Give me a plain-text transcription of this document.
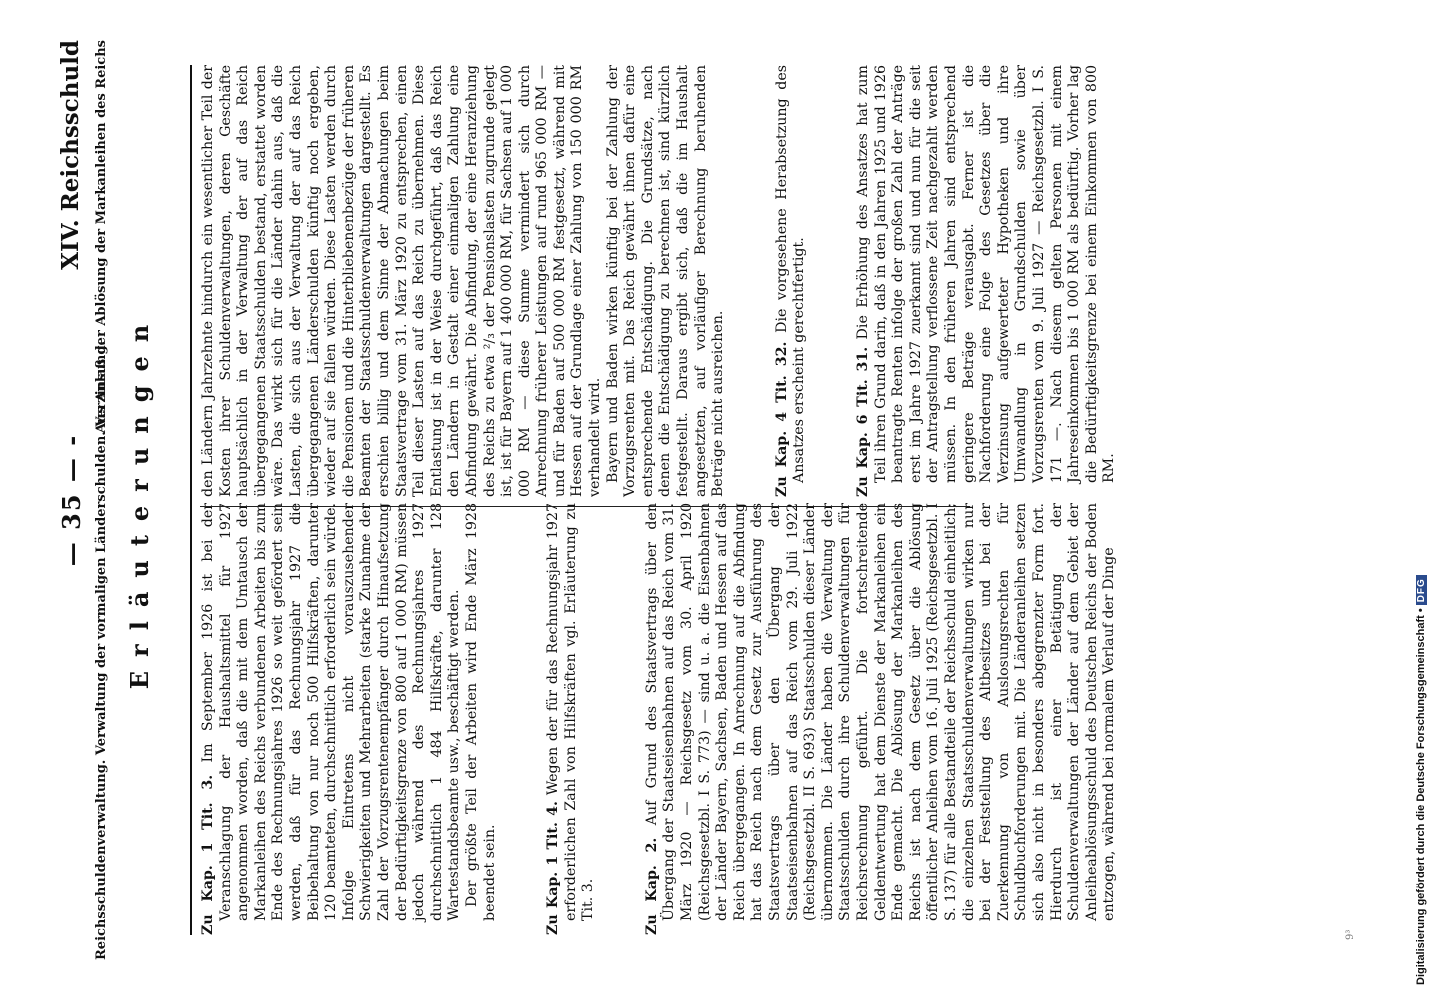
— 35 — -
XIV. Reichsschuld
Reichsschuldenverwaltung. Verwaltung der vormaligen Länderschulden. Verzinsung.
Aus Anlaß der Ablösung der Markanleihen des Reichs
Erläuterungen

Zu Kap. 1 Tit. 3. Im September 1926 ist bei der Veranschlagung der Haushaltsmittel für 1927 angenommen worden, daß die mit dem Umtausch der Markanleihen des Reichs verbundenen Arbeiten bis zum Ende des Rechnungsjahres 1926 so weit gefördert sein werden, daß für das Rechnungsjahr 1927 die Beibehaltung von nur noch 500 Hilfskräften, darunter 120 beamteten, durchschnittlich erforderlich sein würde. Infolge Eintretens nicht vorauszusehender Schwierigkeiten und Mehrarbeiten (starke Zunahme der Zahl der Vorzugsrentenempfänger durch Hinaufsetzung der Bedürftigkeitsgrenze von 800 auf 1 000 RM) müssen jedoch während des Rechnungsjahres 1927 durchschnittlich 1 484 Hilfskräfte, darunter 128 Wartestandsbeamte usw., beschäftigt werden. Der größte Teil der Arbeiten wird Ende März 1928 beendet sein.	Zu Kap. 1 Tit. 4. Wegen der für das Rechnungsjahr 1927 erforderlichen Zahl von Hilfskräften vgl. Erläuterung zu Tit. 3.	Zu Kap. 2. Auf Grund des Staatsvertrags über den Übergang der Staatseisenbahnen auf das Reich vom 31. März 1920 — Reichsgesetz vom 30. April 1920 (Reichsgesetzbl. I S. 773) — sind u. a. die Eisenbahnen der Länder Bayern, Sachsen, Baden und Hessen auf das Reich übergegangen. In Anrechnung auf die Abfindung hat das Reich nach dem Gesetz zur Ausführung des Staatsvertrags über den Übergang der Staatseisenbahnen auf das Reich vom 29. Juli 1922 (Reichsgesetzbl. II S. 693) Staatsschulden dieser Länder übernommen. Die Länder haben die Verwaltung der Staatsschulden durch ihre Schuldenverwaltungen für Reichsrechnung geführt. Die fortschreitende Geldentwertung hat dem Dienste der Markanleihen ein Ende gemacht. Die Ablösung der Markanleihen des Reichs ist nach dem Gesetz über die Ablösung öffentlicher Anleihen vom 16. Juli 1925 (Reichsgesetzbl. I S. 137) für alle Bestandteile der Reichsschuld einheitlich; die einzelnen Staatsschuldenverwaltungen wirken nur bei der Feststellung des Altbesitzes und bei der Zuerkennung von Auslosungsrechten für Schuldbuchforderungen mit. Die Länderanleihen setzen sich also nicht in besonders abgegrenzter Form fort. Hierdurch ist einer Betätigung der Schuldenverwaltungen der Länder auf dem Gebiet der Anleiheablösungsschuld des Deutschen Reichs der Boden entzogen, während bei normalem Verlauf der Dinge

den Ländern Jahrzehnte hindurch ein wesentlicher Teil der Kosten ihrer Schuldenverwaltungen, deren Geschäfte hauptsächlich in der Verwaltung der auf das Reich übergegangenen Staatsschulden bestand, erstattet worden wäre. Das wirkt sich für die Länder dahin aus, daß die Lasten, die sich aus der Verwaltung der auf das Reich übergegangenen Länderschulden künftig noch ergeben, wieder auf sie fallen würden. Diese Lasten werden durch die Pensionen und die Hinterbliebenenbezüge der früheren Beamten der Staatsschuldenverwaltungen dargestellt. Es erschien billig und dem Sinne der Abmachungen beim Staatsvertrage vom 31. März 1920 zu entsprechen, einen Teil dieser Lasten auf das Reich zu übernehmen. Diese Entlastung ist in der Weise durchgeführt, daß das Reich den Ländern in Gestalt einer einmaligen Zahlung eine Abfindung gewährt. Die Abfindung, der eine Heranziehung des Reichs zu etwa ²/₃ der Pensionslasten zugrunde gelegt ist, ist für Bayern auf 1 400 000 RM, für Sachsen auf 1 000 000 RM — diese Summe vermindert sich durch Anrechnung früherer Leistungen auf rund 965 000 RM — und für Baden auf 500 000 RM festgesetzt, während mit Hessen auf der Grundlage einer Zahlung von 150 000 RM verhandelt wird. Bayern und Baden wirken künftig bei der Zahlung der Vorzugsrenten mit. Das Reich gewährt ihnen dafür eine entsprechende Entschädigung. Die Grundsätze, nach denen die Entschädigung zu berechnen ist, sind kürzlich festgestellt. Daraus ergibt sich, daß die im Haushalt angesetzten, auf vorläufiger Berechnung beruhenden Beträge nicht ausreichen.	Zu Kap. 4 Tit. 32. Die vorgesehene Herabsetzung des Ansatzes erscheint gerechtfertigt.	Zu Kap. 6 Tit. 31. Die Erhöhung des Ansatzes hat zum Teil ihren Grund darin, daß in den Jahren 1925 und 1926 beantragte Renten infolge der großen Zahl der Anträge erst im Jahre 1927 zuerkannt sind und nun für die seit der Antragstellung verflossene Zeit nachgezahlt werden müssen. In den früheren Jahren sind entsprechend geringere Beträge verausgabt. Ferner ist die Nachforderung eine Folge des Gesetzes über die Verzinsung aufgewerteter Hypotheken und ihre Umwandlung in Grundschulden sowie über Vorzugsrenten vom 9. Juli 1927 — Reichsgesetzbl. I S. 171 —. Nach diesem gelten Personen mit einem Jahreseinkommen bis 1 000 RM als bedürftig. Vorher lag die Bedürftigkeitsgrenze bei einem Einkommen von 800 RM.

9³	Digitalisierung gefördert durch die Deutsche Forschungsgemeinschaft •DFG
